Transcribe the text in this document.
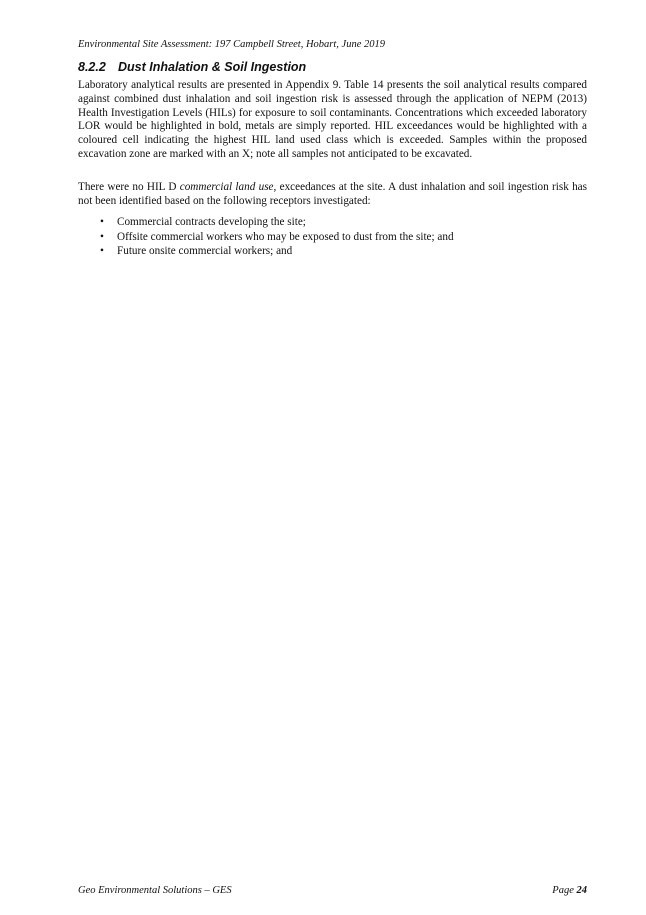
Environmental Site Assessment: 197 Campbell Street, Hobart, June 2019
8.2.2 Dust Inhalation & Soil Ingestion

Laboratory analytical results are presented in Appendix 9. Table 14 presents the soil analytical results compared against combined dust inhalation and soil ingestion risk is assessed through the application of NEPM (2013) Health Investigation Levels (HILs) for exposure to soil contaminants. Concentrations which exceeded laboratory LOR would be highlighted in bold, metals are simply reported. HIL exceedances would be highlighted with a coloured cell indicating the highest HIL land used class which is exceeded. Samples within the proposed excavation zone are marked with an X; note all samples not anticipated to be excavated.

There were no HIL D commercial land use, exceedances at the site. A dust inhalation and soil ingestion risk has not been identified based on the following receptors investigated:

• Commercial contracts developing the site;
• Offsite commercial workers who may be exposed to dust from the site; and
• Future onsite commercial workers; and
Geo Environmental Solutions – GES	Page 24
